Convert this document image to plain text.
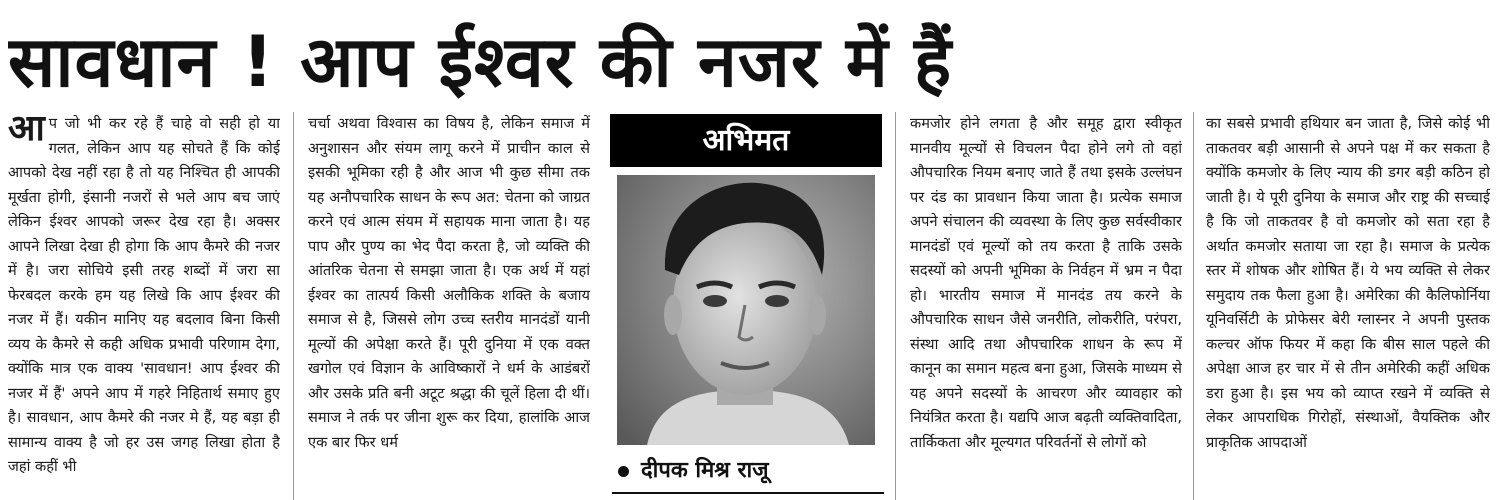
सावधान ! आप ईश्वर की नजर में हैं
आ प जो भी कर रहे हैं चाहे वो सही हो या गलत, लेकिन आप यह सोचते हैं कि कोई आपको देख नहीं रहा है तो यह निश्चित ही आपकी मूर्खता होगी, इंसानी नजरों से भले आप बच जाएं लेकिन ईश्वर आपको जरूर देख रहा है। अक्सर आपने लिखा देखा ही होगा कि आप कैमरे की नजर में है। जरा सोचिये इसी तरह शब्दों में जरा सा फेरबदल करके हम यह लिखे कि आप ईश्वर की नजर में हैं। यकीन मानिए यह बदलाव बिना किसी व्यय के कैमरे से कही अधिक प्रभावी परिणाम देगा, क्योंकि मात्र एक वाक्य 'सावधान! आप ईश्वर की नजर में हैं' अपने आप में गहरे निहितार्थ समाए हुए है। सावधान, आप कैमरे की नजर मे हैं, यह बड़ा ही सामान्य वाक्य है जो हर उस जगह लिखा होता है जहां कहीं भी

चर्चा अथवा विश्वास का विषय है, लेकिन समाज में अनुशासन और संयम लागू करने में प्राचीन काल से इसकी भूमिका रही है और आज भी कुछ सीमा तक यह अनौपचारिक साधन के रूप अत: चेतना को जाग्रत करने एवं आत्म संयम में सहायक माना जाता है। यह पाप और पुण्य का भेद पैदा करता है, जो व्यक्ति की आंतरिक चेतना से समझा जाता है। एक अर्थ में यहां ईश्वर का तात्पर्य किसी अलौकिक शक्ति के बजाय समाज से है, जिससे लोग उच्च स्तरीय मानदंडों यानी मूल्यों की अपेक्षा करते हैं। पूरी दुनिया में एक वक्त खगोल एवं विज्ञान के आविष्कारों ने धर्म के आडंबरों और उसके प्रति बनी अटूट श्रद्धा की चूलें हिला दी थीं। समाज ने तर्क पर जीना शुरू कर दिया, हालांकि आज एक बार फिर धर्म

अभिमत
दीपक मिश्र राजू

कमजोर होने लगता है और समूह द्वारा स्वीकृत मानवीय मूल्यों से विचलन पैदा होने लगे तो वहां औपचारिक नियम बनाए जाते हैं तथा इसके उल्लंघन पर दंड का प्रावधान किया जाता है। प्रत्येक समाज अपने संचालन की व्यवस्था के लिए कुछ सर्वस्वीकार मानदंडों एवं मूल्यों को तय करता है ताकि उसके सदस्यों को अपनी भूमिका के निर्वहन में भ्रम न पैदा हो। भारतीय समाज में मानदंड तय करने के औपचारिक साधन जैसे जनरीति, लोकरीति, परंपरा, संस्था आदि तथा औपचारिक शाधन के रूप में कानून का समान महत्व बना हुआ, जिसके माध्यम से यह अपने सदस्यों के आचरण और व्यावहार को नियंत्रित करता है। यद्यपि आज बढ़ती व्यक्तिवादिता, तार्किकता और मूल्यगत परिवर्तनों से लोगों को

का सबसे प्रभावी हथियार बन जाता है, जिसे कोई भी ताकतवर बड़ी आसानी से अपने पक्ष में कर सकता है क्योंकि कमजोर के लिए न्याय की डगर बड़ी कठिन हो जाती है। ये पूरी दुनिया के समाज और राष्ट्र की सच्चाई है कि जो ताकतवर है वो कमजोर को सता रहा है अर्थात कमजोर सताया जा रहा है। समाज के प्रत्येक स्तर में शोषक और शोषित हैं। ये भय व्यक्ति से लेकर समुदाय तक फैला हुआ है। अमेरिका की कैलिफोर्निया यूनिवर्सिटी के प्रोफेसर बेरी ग्लास्नर ने अपनी पुस्तक कल्चर ऑफ फियर में कहा कि बीस साल पहले की अपेक्षा आज हर चार में से तीन अमेरिकी कहीं अधिक डरा हुआ है। इस भय को व्याप्त रखने में व्यक्ति से लेकर आपराधिक गिरोहों, संस्थाओं, वैयक्तिक और प्राकृतिक आपदाओं
